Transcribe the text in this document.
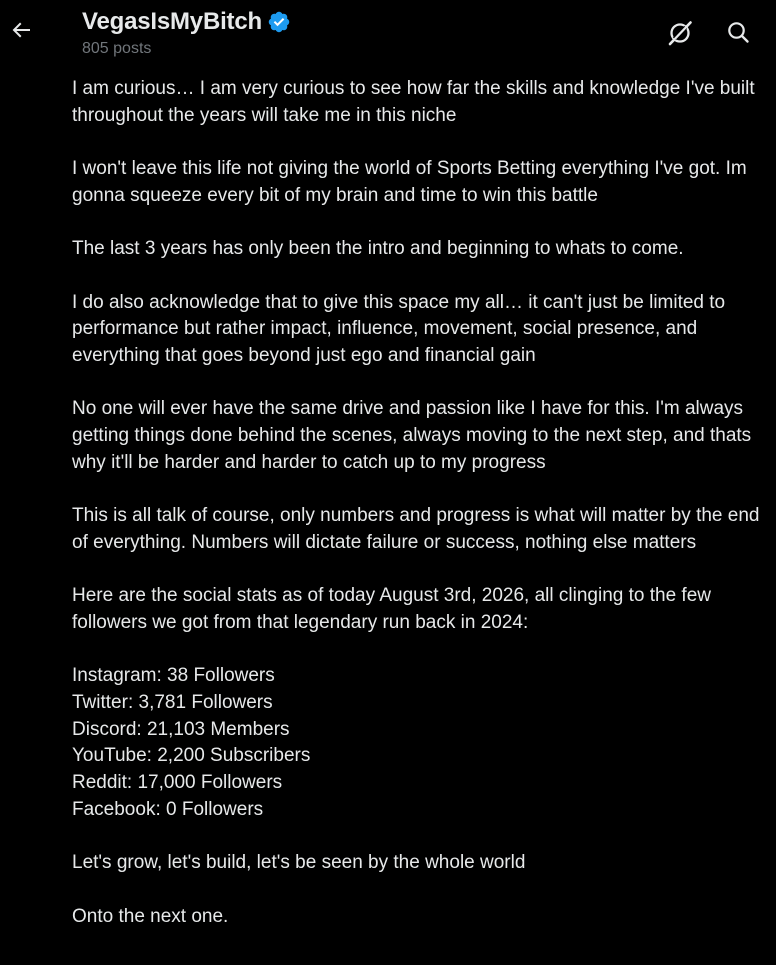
VegasIsMyBitch
805 posts

I am curious… I am very curious to see how far the skills and knowledge I've built throughout the years will take me in this niche

I won't leave this life not giving the world of Sports Betting everything I've got. Im gonna squeeze every bit of my brain and time to win this battle

The last 3 years has only been the intro and beginning to whats to come.

I do also acknowledge that to give this space my all… it can't just be limited to performance but rather impact, influence, movement, social presence, and everything that goes beyond just ego and financial gain

No one will ever have the same drive and passion like I have for this. I'm always getting things done behind the scenes, always moving to the next step, and thats why it'll be harder and harder to catch up to my progress

This is all talk of course, only numbers and progress is what will matter by the end of everything. Numbers will dictate failure or success, nothing else matters

Here are the social stats as of today August 3rd, 2026, all clinging to the few followers we got from that legendary run back in 2024:

Instagram: 38 Followers
Twitter: 3,781 Followers
Discord: 21,103 Members
YouTube: 2,200 Subscribers
Reddit: 17,000 Followers
Facebook: 0 Followers

Let's grow, let's build, let's be seen by the whole world

Onto the next one.
